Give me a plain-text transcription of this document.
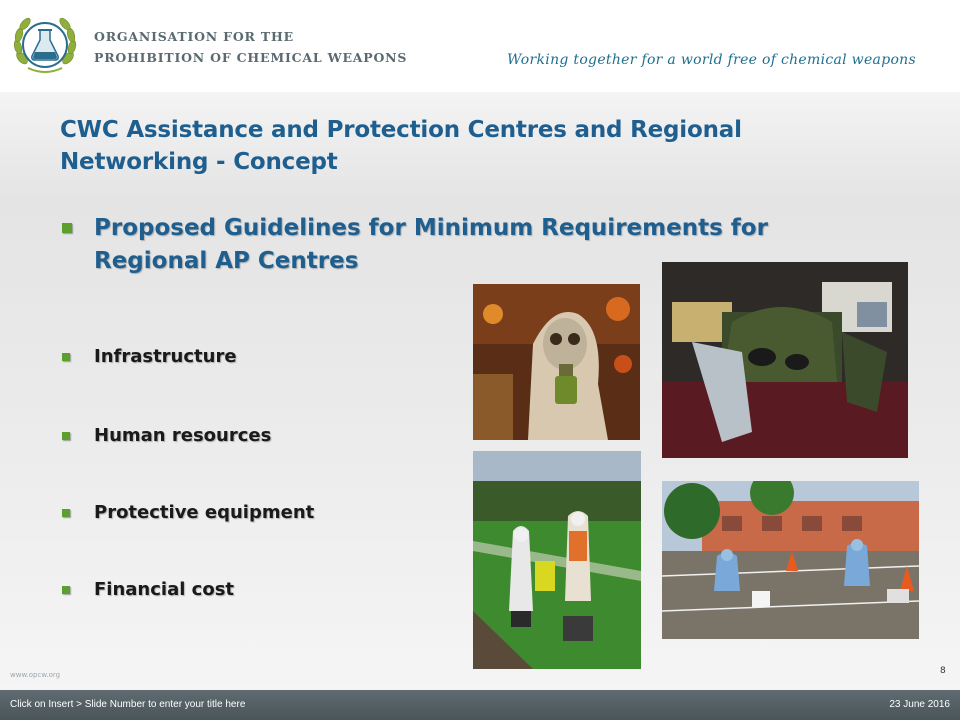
ORGANISATION FOR THE
PROHIBITION OF CHEMICAL WEAPONS	Working together for a world free of chemical weapons
CWC Assistance and Protection Centres and Regional Networking - Concept
Proposed Guidelines for Minimum Requirements for Regional AP Centres
Infrastructure
Human resources
Protective equipment
Financial cost
www.opcw.org	8
Click on Insert > Slide Number to enter your title here	23 June 2016
